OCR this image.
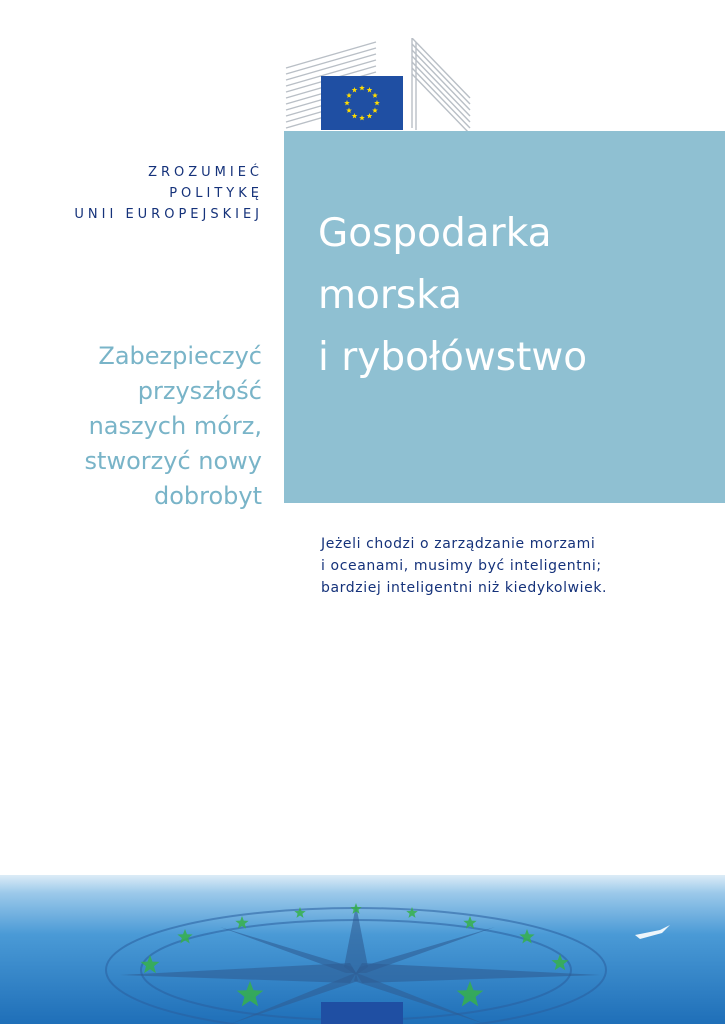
ZROZUMIEĆ
POLITYKĘ
UNII EUROPEJSKIEJ
Zabezpieczyć
przyszłość
naszych mórz,
stworzyć nowy
dobrobyt
Gospodarka
morska
i rybołówstwo
Jeżeli chodzi o zarządzanie morzami
i oceanami, musimy być inteligentni;
bardziej inteligentni niż kiedykolwiek.
